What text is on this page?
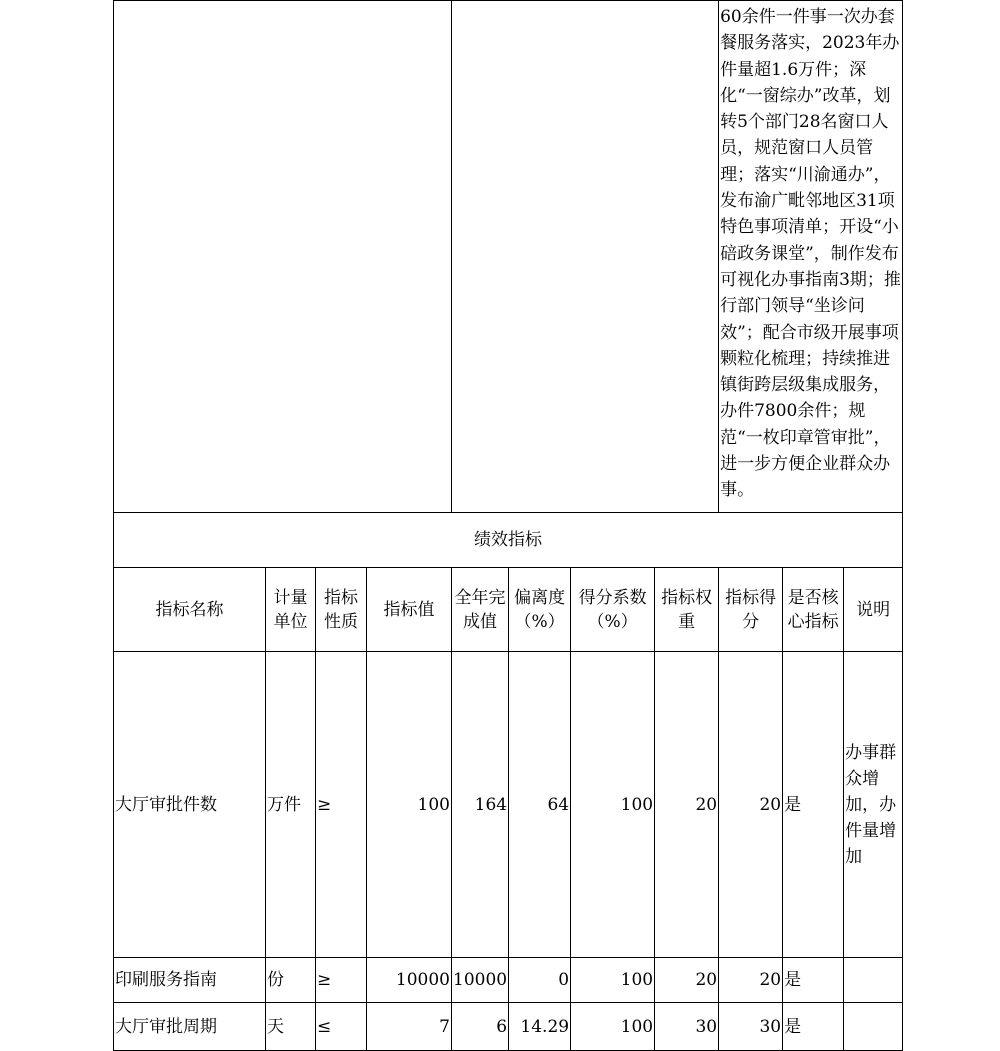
								60余件一件事一次办套餐服务落实，2023年办件量超1.6万件；深化“一窗综办”改革，划转5个部门28名窗口人员，规范窗口人员管理；落实“川渝通办”，发布渝广毗邻地区31项特色事项清单；开设“小碚政务课堂”，制作发布可视化办事指南3期；推行部门领导“坐诊问效”；配合市级开展事项颗粒化梳理；持续推进镇街跨层级集成服务，办件7800余件；规范“一枚印章管审批”，进一步方便企业群众办事。		
绩效指标										
指标名称	计量单位	指标性质	指标值	全年完成值	偏离度（%）	得分系数（%）	指标权重	指标得分	是否核心指标	说明
大厅审批件数	万件	≥	100	164	64	100	20	20	是	办事群众增加，办件量增加
印刷服务指南	份	≥	10000	10000	0	100	20	20	是	
大厅审批周期	天	≤	7	6	14.29	100	30	30	是	
